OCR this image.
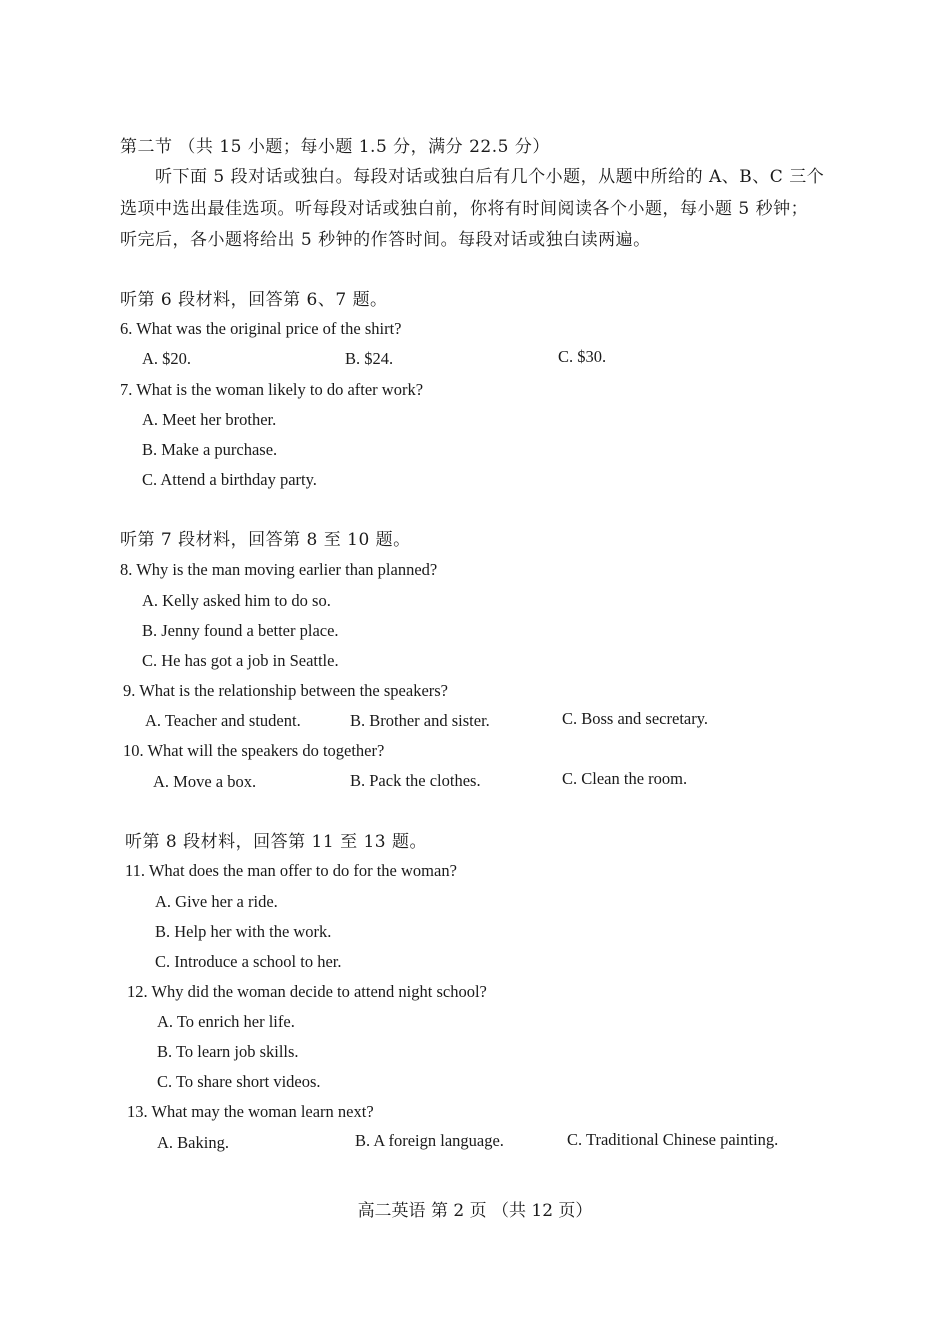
第二节 （共 15 小题；每小题 1.5 分，满分 22.5 分）
听下面 5 段对话或独白。每段对话或独白后有几个小题，从题中所给的 A、B、C 三个
选项中选出最佳选项。听每段对话或独白前，你将有时间阅读各个小题，每小题 5 秒钟；
听完后，各小题将给出 5 秒钟的作答时间。每段对话或独白读两遍。
听第 6 段材料，回答第 6、7 题。
6. What was the original price of the shirt?
A. $20.	B. $24.	C. $30.
7. What is the woman likely to do after work?
A. Meet her brother.
B. Make a purchase.
C. Attend a birthday party.
听第 7 段材料，回答第 8 至 10 题。
8. Why is the man moving earlier than planned?
A. Kelly asked him to do so.
B. Jenny found a better place.
C. He has got a job in Seattle.
9. What is the relationship between the speakers?
A. Teacher and student.	B. Brother and sister.	C. Boss and secretary.
10. What will the speakers do together?
A. Move a box.	B. Pack the clothes.	C. Clean the room.
听第 8 段材料，回答第 11 至 13 题。
11. What does the man offer to do for the woman?
A. Give her a ride.
B. Help her with the work.
C. Introduce a school to her.
12. Why did the woman decide to attend night school?
A. To enrich her life.
B. To learn job skills.
C. To share short videos.
13. What may the woman learn next?
A. Baking.	B. A foreign language.	C. Traditional Chinese painting.
高二英语 第 2 页 （共 12 页）
